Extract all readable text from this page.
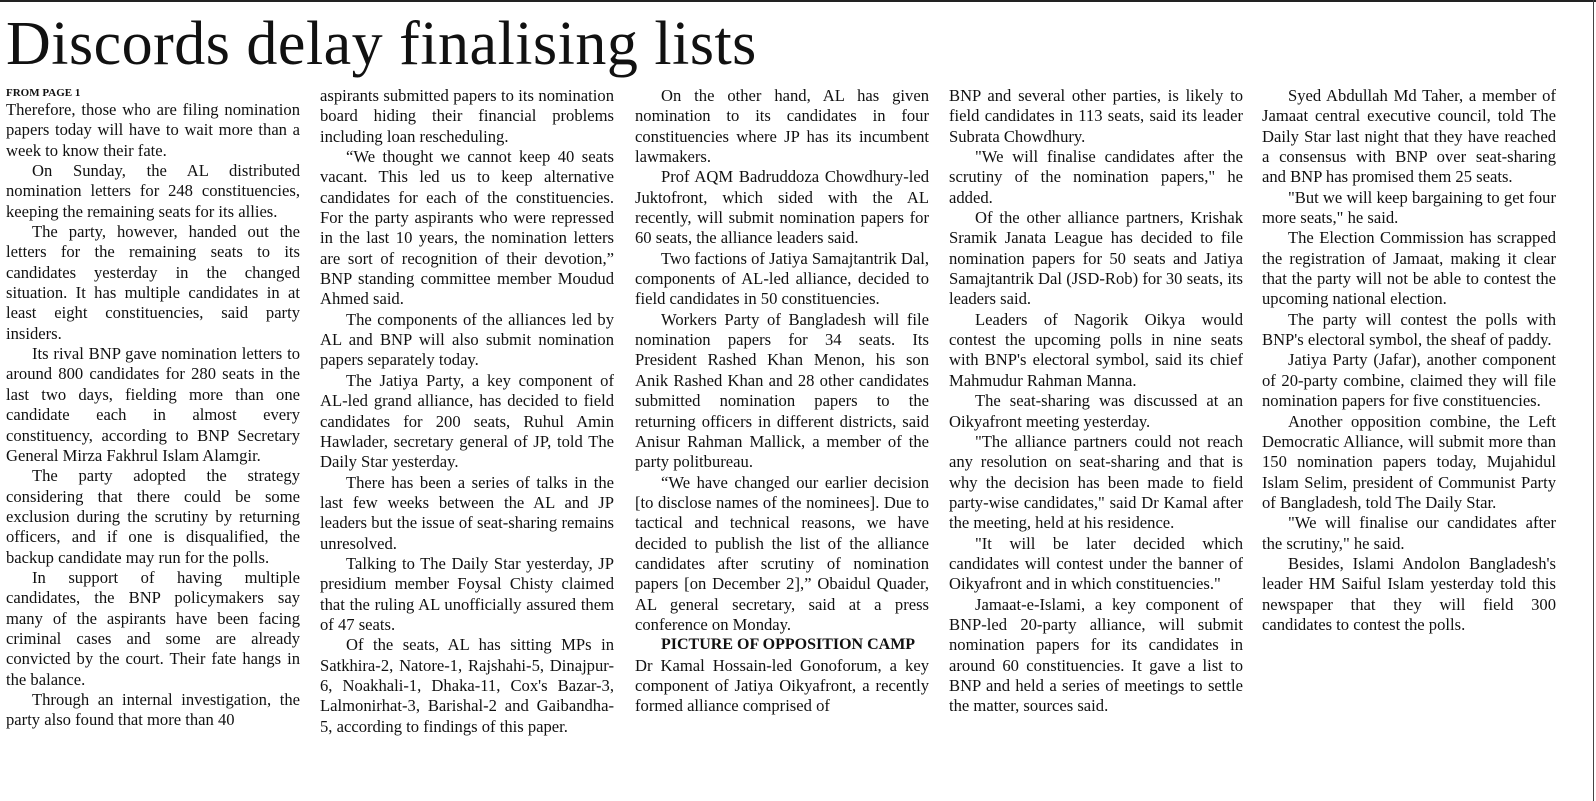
Discords delay finalising lists
FROM PAGE 1

Therefore, those who are filing nomination papers today will have to wait more than a week to know their fate.

On Sunday, the AL distributed nomination letters for 248 constituencies, keeping the remaining seats for its allies.

The party, however, handed out the letters for the remaining seats to its candidates yesterday in the changed situation. It has multiple candidates in at least eight constituencies, said party insiders.

Its rival BNP gave nomination letters to around 800 candidates for 280 seats in the last two days, fielding more than one candidate each in almost every constituency, according to BNP Secretary General Mirza Fakhrul Islam Alamgir.

The party adopted the strategy considering that there could be some exclusion during the scrutiny by returning officers, and if one is disqualified, the backup candidate may run for the polls.

In support of having multiple candidates, the BNP policymakers say many of the aspirants have been facing criminal cases and some are already convicted by the court. Their fate hangs in the balance.

Through an internal investigation, the party also found that more than 40

aspirants submitted papers to its nomination board hiding their financial problems including loan rescheduling.

“We thought we cannot keep 40 seats vacant. This led us to keep alternative candidates for each of the constituencies. For the party aspirants who were repressed in the last 10 years, the nomination letters are sort of recognition of their devotion,” BNP standing committee member Moudud Ahmed said.

The components of the alliances led by AL and BNP will also submit nomination papers separately today.

The Jatiya Party, a key component of AL-led grand alliance, has decided to field candidates for 200 seats, Ruhul Amin Hawlader, secretary general of JP, told The Daily Star yesterday.

There has been a series of talks in the last few weeks between the AL and JP leaders but the issue of seat-sharing remains unresolved.

Talking to The Daily Star yesterday, JP presidium member Foysal Chisty claimed that the ruling AL unofficially assured them of 47 seats.

Of the seats, AL has sitting MPs in Satkhira-2, Natore-1, Rajshahi-5, Dinajpur-6, Noakhali-1, Dhaka-11, Cox's Bazar-3, Lalmonirhat-3, Barishal-2 and Gaibandha-5, according to findings of this paper.

On the other hand, AL has given nomination to its candidates in four constituencies where JP has its incumbent lawmakers.

Prof AQM Badruddoza Chowdhury-led Juktofront, which sided with the AL recently, will submit nomination papers for 60 seats, the alliance leaders said.

Two factions of Jatiya Samajtantrik Dal, components of AL-led alliance, decided to field candidates in 50 constituencies.

Workers Party of Bangladesh will file nomination papers for 34 seats. Its President Rashed Khan Menon, his son Anik Rashed Khan and 28 other candidates submitted nomination papers to the returning officers in different districts, said Anisur Rahman Mallick, a member of the party politbureau.

“We have changed our earlier decision [to disclose names of the nominees]. Due to tactical and technical reasons, we have decided to publish the list of the alliance candidates after scrutiny of nomination papers [on December 2],” Obaidul Quader, AL general secretary, said at a press conference on Monday.

PICTURE OF OPPOSITION CAMP

Dr Kamal Hossain-led Gonoforum, a key component of Jatiya Oikyafront, a recently formed alliance comprised of

BNP and several other parties, is likely to field candidates in 113 seats, said its leader Subrata Chowdhury.

"We will finalise candidates after the scrutiny of the nomination papers," he added.

Of the other alliance partners, Krishak Sramik Janata League has decided to file nomination papers for 50 seats and Jatiya Samajtantrik Dal (JSD-Rob) for 30 seats, its leaders said.

Leaders of Nagorik Oikya would contest the upcoming polls in nine seats with BNP's electoral symbol, said its chief Mahmudur Rahman Manna.

The seat-sharing was discussed at an Oikyafront meeting yesterday.

"The alliance partners could not reach any resolution on seat-sharing and that is why the decision has been made to field party-wise candidates," said Dr Kamal after the meeting, held at his residence.

"It will be later decided which candidates will contest under the banner of Oikyafront and in which constituencies."

Jamaat-e-Islami, a key component of BNP-led 20-party alliance, will submit nomination papers for its candidates in around 60 constituencies. It gave a list to BNP and held a series of meetings to settle the matter, sources said.

Syed Abdullah Md Taher, a member of Jamaat central executive council, told The Daily Star last night that they have reached a consensus with BNP over seat-sharing and BNP has promised them 25 seats.

"But we will keep bargaining to get four more seats," he said.

The Election Commission has scrapped the registration of Jamaat, making it clear that the party will not be able to contest the upcoming national election.

The party will contest the polls with BNP's electoral symbol, the sheaf of paddy.

Jatiya Party (Jafar), another component of 20-party combine, claimed they will file nomination papers for five constituencies.

Another opposition combine, the Left Democratic Alliance, will submit more than 150 nomination papers today, Mujahidul Islam Selim, president of Communist Party of Bangladesh, told The Daily Star.

"We will finalise our candidates after the scrutiny," he said.

Besides, Islami Andolon Bangladesh's leader HM Saiful Islam yesterday told this newspaper that they will field 300 candidates to contest the polls.
